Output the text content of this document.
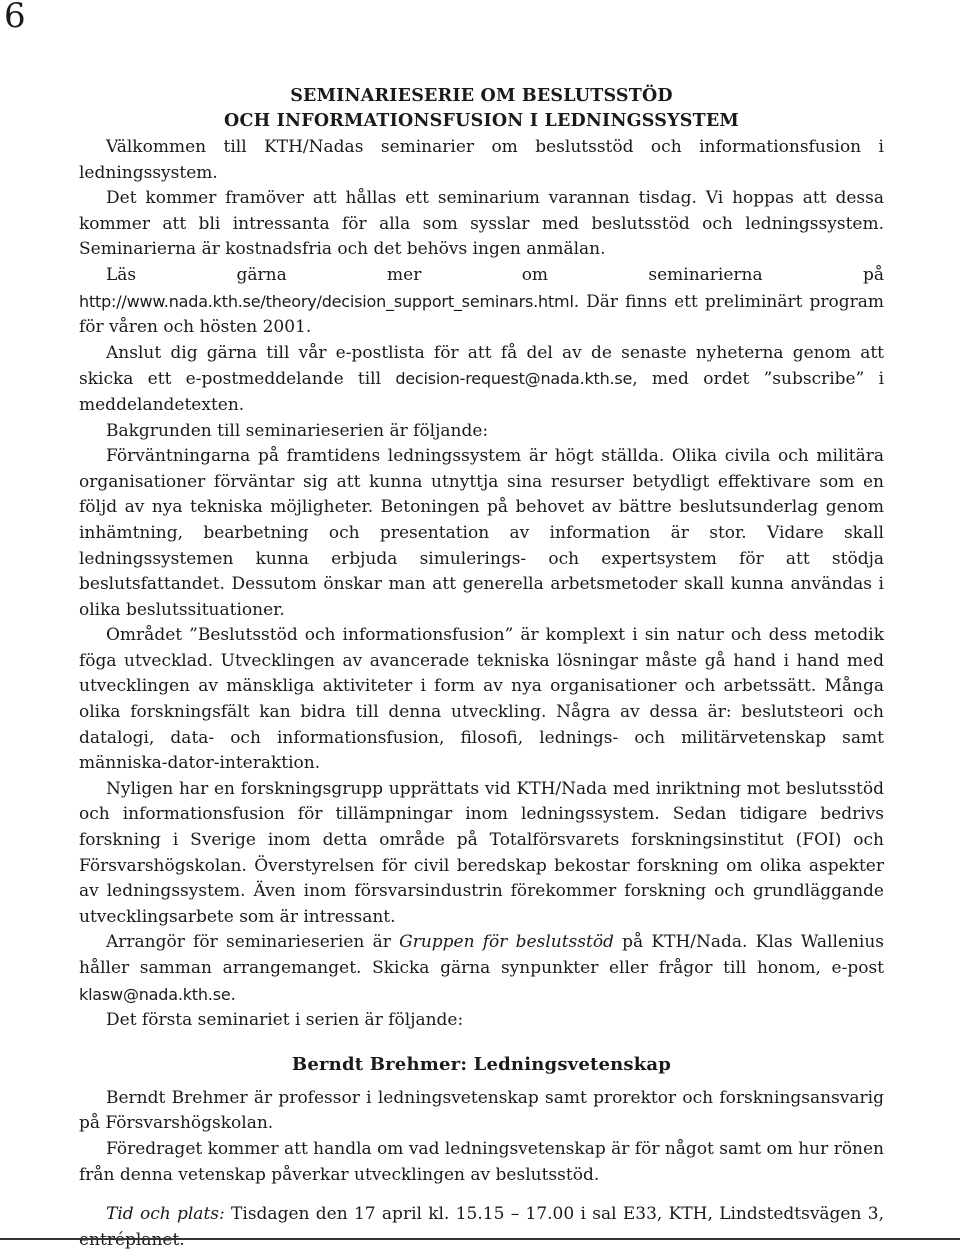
6
SEMINARIESERIE OM BESLUTSSTÖD
OCH INFORMATIONSFUSION I LEDNINGSSYSTEM

Välkommen till KTH/Nadas seminarier om beslutsstöd och informationsfusion i ledningssystem.

Det kommer framöver att hållas ett seminarium varannan tisdag. Vi hoppas att dessa kommer att bli intressanta för alla som sysslar med beslutsstöd och ledningssystem. Seminarierna är kostnadsfria och det behövs ingen anmälan.

Läs gärna mer om seminarierna på http://www.nada.kth.se/theory/decision_support_seminars.html. Där finns ett preliminärt program för våren och hösten 2001.

Anslut dig gärna till vår e-postlista för att få del av de senaste nyheterna genom att skicka ett e-postmeddelande till decision-request@nada.kth.se, med ordet ”subscribe” i meddelandetexten.

Bakgrunden till seminarieserien är följande:

Förväntningarna på framtidens ledningssystem är högt ställda. Olika civila och militära organisationer förväntar sig att kunna utnyttja sina resurser betydligt effektivare som en följd av nya tekniska möjligheter. Betoningen på behovet av bättre beslutsunderlag genom inhämtning, bearbetning och presentation av information är stor. Vidare skall ledningssystemen kunna erbjuda simulerings- och expertsystem för att stödja beslutsfattandet. Dessutom önskar man att generella arbetsmetoder skall kunna användas i olika beslutssituationer.

Området ”Beslutsstöd och informationsfusion” är komplext i sin natur och dess metodik föga utvecklad. Utvecklingen av avancerade tekniska lösningar måste gå hand i hand med utvecklingen av mänskliga aktiviteter i form av nya organisationer och arbetssätt. Många olika forskningsfält kan bidra till denna utveckling. Några av dessa är: beslutsteori och datalogi, data- och informationsfusion, filosofi, lednings- och militärvetenskap samt människa-dator-interaktion.

Nyligen har en forskningsgrupp upprättats vid KTH/Nada med inriktning mot beslutsstöd och informationsfusion för tillämpningar inom ledningssystem. Sedan tidigare bedrivs forskning i Sverige inom detta område på Totalförsvarets forskningsinstitut (FOI) och Försvarshögskolan. Överstyrelsen för civil beredskap bekostar forskning om olika aspekter av ledningssystem. Även inom försvarsindustrin förekommer forskning och grundläggande utvecklingsarbete som är intressant.

Arrangör för seminarieserien är Gruppen för beslutsstöd på KTH/Nada. Klas Wallenius håller samman arrangemanget. Skicka gärna synpunkter eller frågor till honom, e-post klasw@nada.kth.se.

Det första seminariet i serien är följande:

Berndt Brehmer: Ledningsvetenskap

Berndt Brehmer är professor i ledningsvetenskap samt prorektor och forskningsansvarig på Försvarshögskolan.

Föredraget kommer att handla om vad ledningsvetenskap är för något samt om hur rönen från denna vetenskap påverkar utvecklingen av beslutsstöd.

Tid och plats: Tisdagen den 17 april kl. 15.15 – 17.00 i sal E33, KTH, Lindstedtsvägen 3, entréplanet.
